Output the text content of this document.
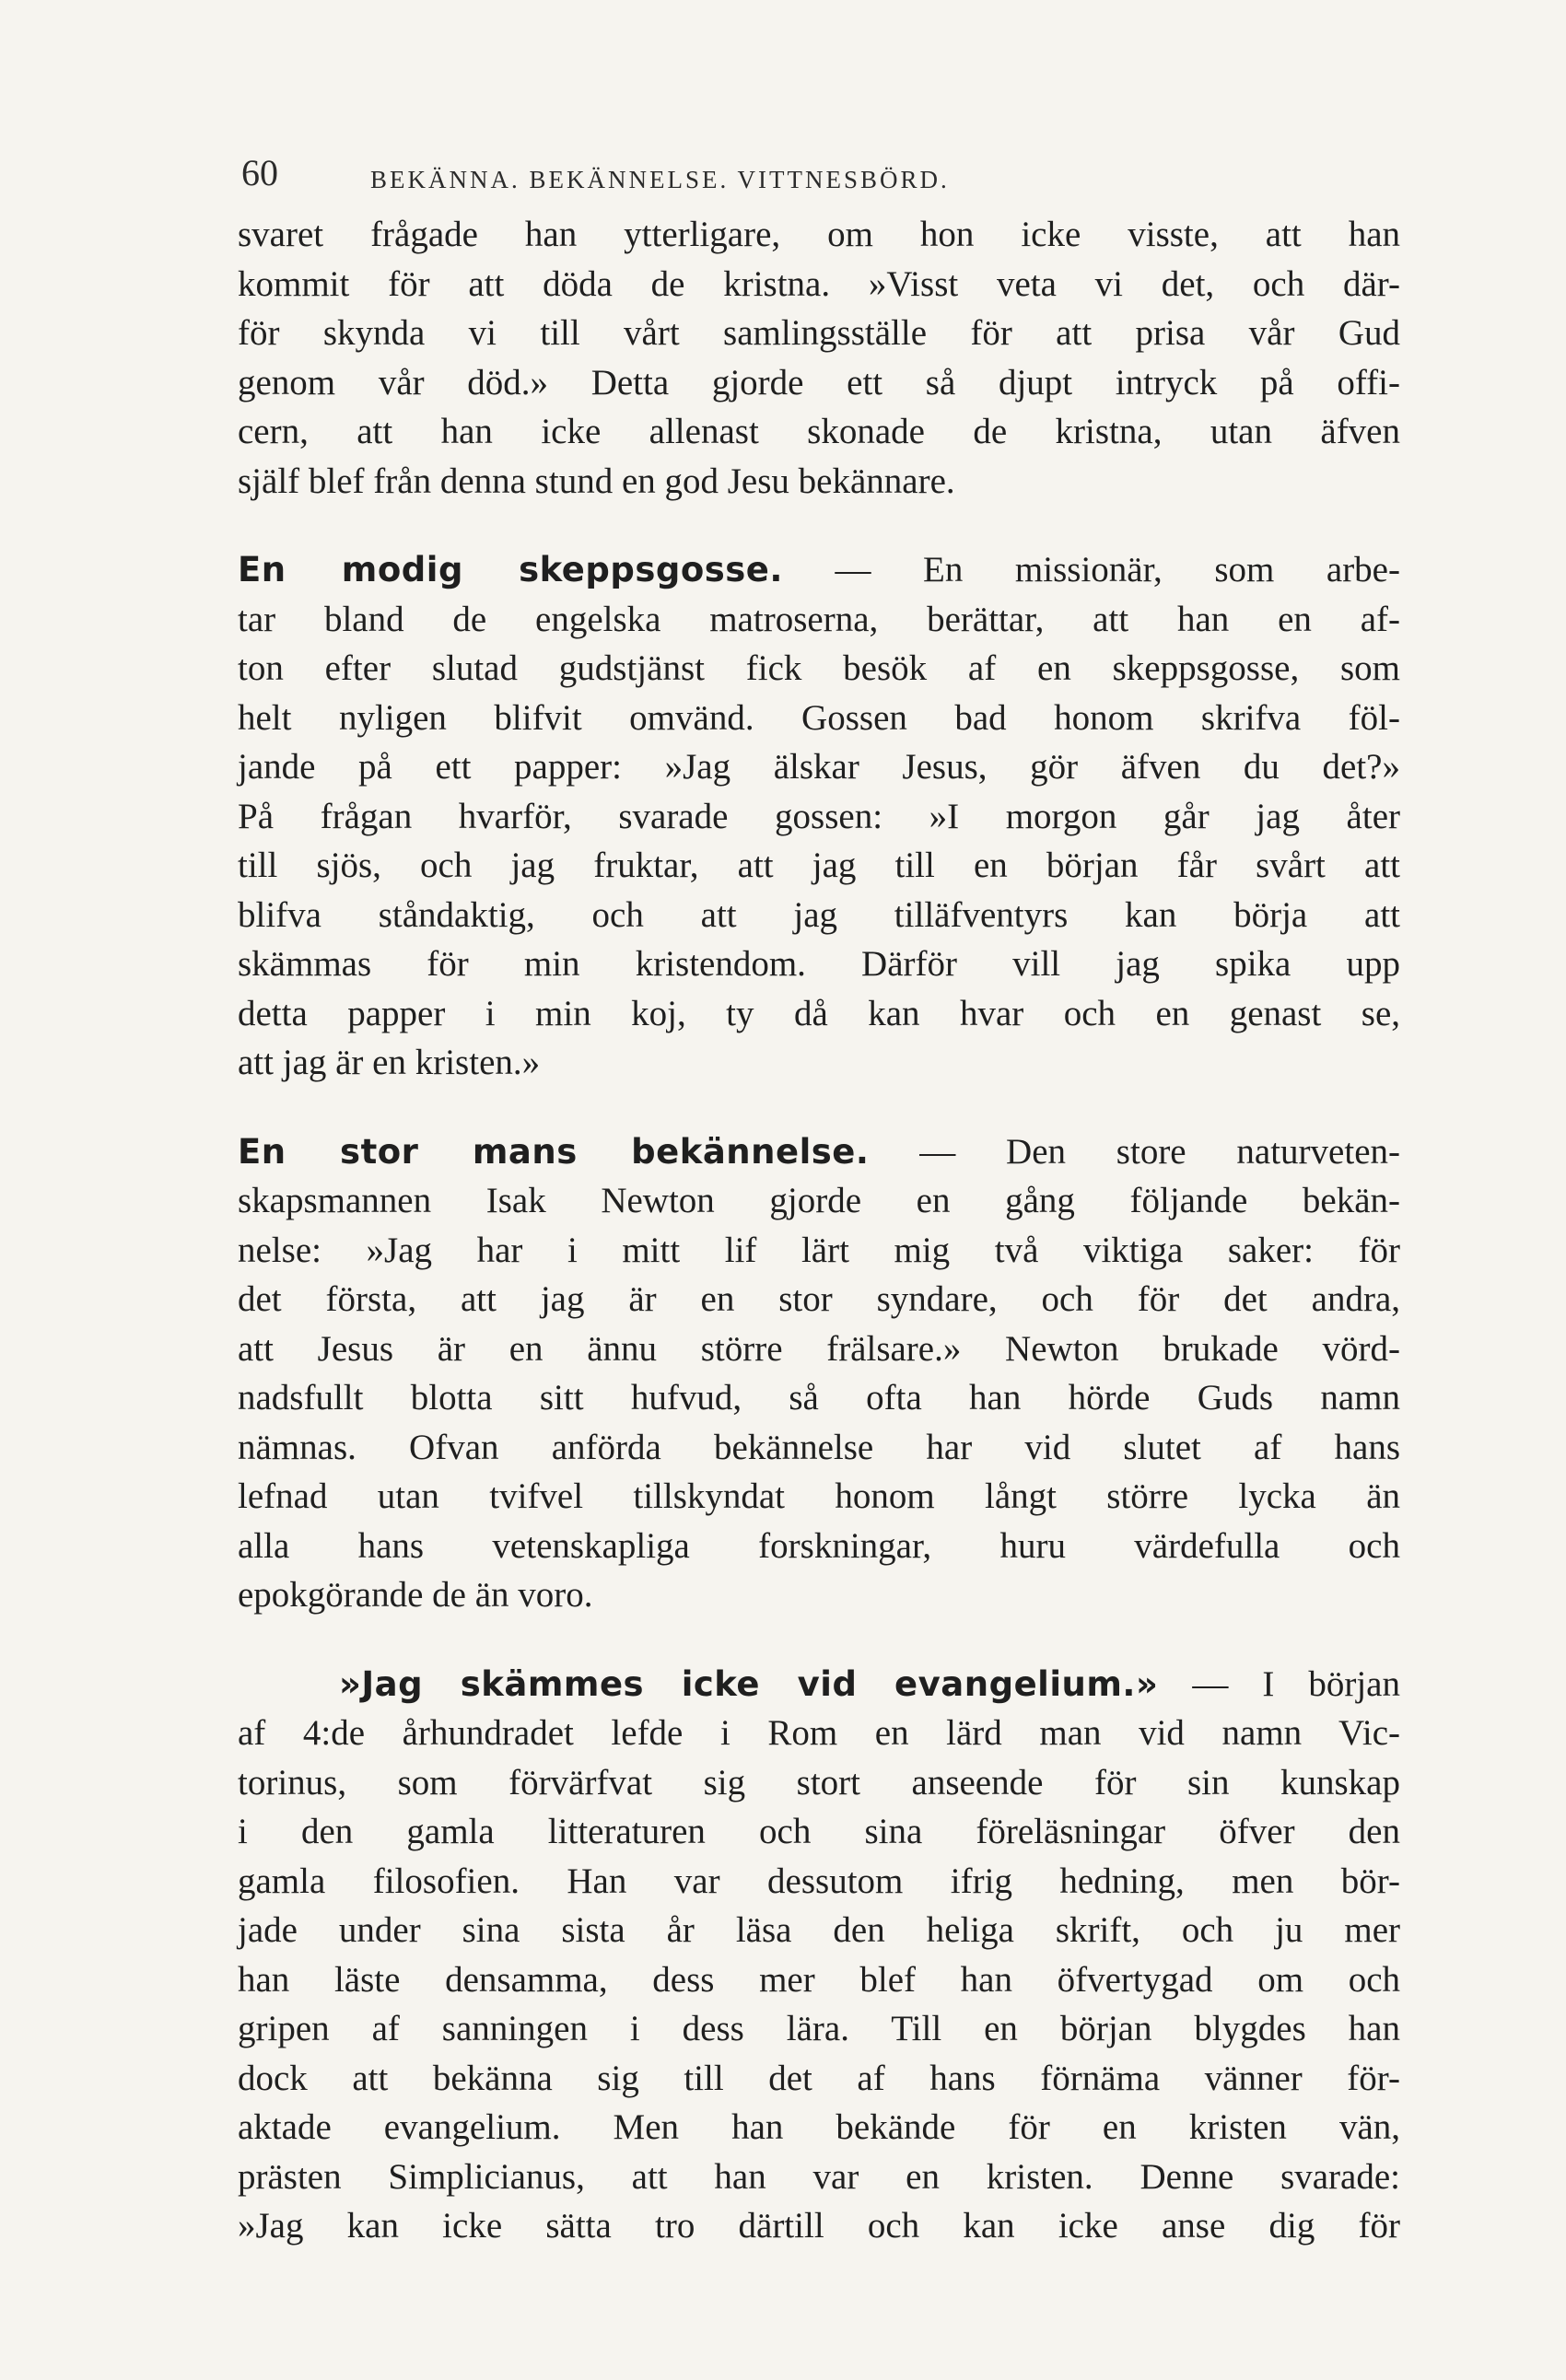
60	BEKÄNNA. BEKÄNNELSE. VITTNESBÖRD.
svaret frågade han ytterligare, om hon icke visste, att han
kommit för att döda de kristna. »Visst veta vi det, och där-
för skynda vi till vårt samlingsställe för att prisa vår Gud
genom vår död.» Detta gjorde ett så djupt intryck på offi-
cern, att han icke allenast skonade de kristna, utan äfven
själf blef från denna stund en god Jesu bekännare.
En modig skeppsgosse. — En missionär, som arbe-
tar bland de engelska matroserna, berättar, att han en af-
ton efter slutad gudstjänst fick besök af en skeppsgosse, som
helt nyligen blifvit omvänd. Gossen bad honom skrifva föl-
jande på ett papper: »Jag älskar Jesus, gör äfven du det?»
På frågan hvarför, svarade gossen: »I morgon går jag åter
till sjös, och jag fruktar, att jag till en början får svårt att
blifva ståndaktig, och att jag tilläfventyrs kan börja att
skämmas för min kristendom. Därför vill jag spika upp
detta papper i min koj, ty då kan hvar och en genast se,
att jag är en kristen.»
En stor mans bekännelse. — Den store naturveten-
skapsmannen Isak Newton gjorde en gång följande bekän-
nelse: »Jag har i mitt lif lärt mig två viktiga saker: för
det första, att jag är en stor syndare, och för det andra,
att Jesus är en ännu större frälsare.» Newton brukade vörd-
nadsfullt blotta sitt hufvud, så ofta han hörde Guds namn
nämnas. Ofvan anförda bekännelse har vid slutet af hans
lefnad utan tvifvel tillskyndat honom långt större lycka än
alla hans vetenskapliga forskningar, huru värdefulla och
epokgörande de än voro.
»Jag skämmes icke vid evangelium.» — I början
af 4:de århundradet lefde i Rom en lärd man vid namn Vic-
torinus, som förvärfvat sig stort anseende för sin kunskap
i den gamla litteraturen och sina föreläsningar öfver den
gamla filosofien. Han var dessutom ifrig hedning, men bör-
jade under sina sista år läsa den heliga skrift, och ju mer
han läste densamma, dess mer blef han öfvertygad om och
gripen af sanningen i dess lära. Till en början blygdes han
dock att bekänna sig till det af hans förnäma vänner för-
aktade evangelium. Men han bekände för en kristen vän,
prästen Simplicianus, att han var en kristen. Denne svarade:
»Jag kan icke sätta tro därtill och kan icke anse dig för
